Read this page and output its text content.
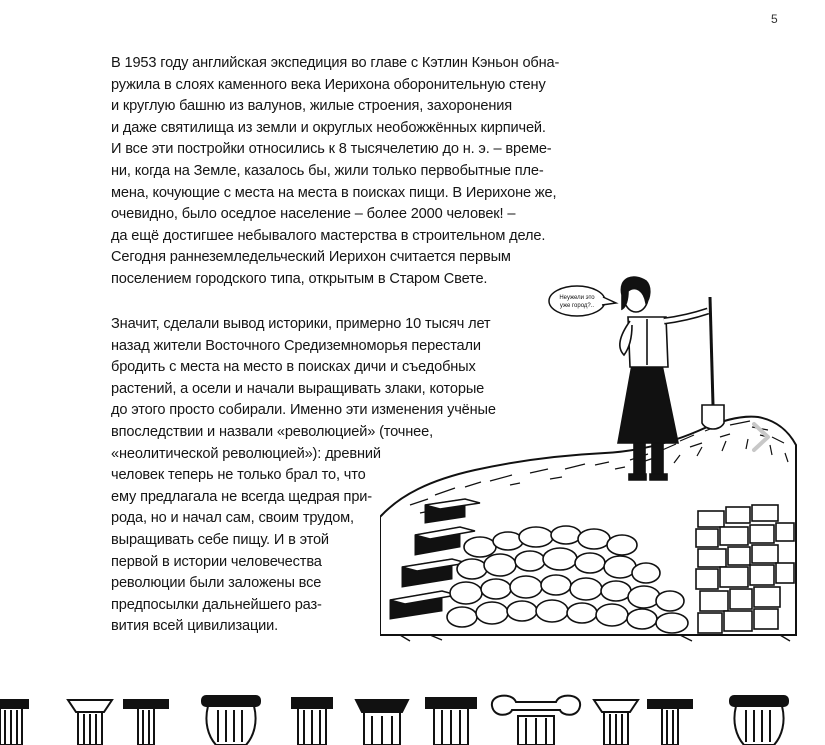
5

В 1953 году английская экспедиция во главе с Кэтлин Кэньон обна-
ружила в слоях каменного века Иерихона оборонительную стену
и круглую башню из валунов, жилые строения, захоронения
и даже святилища из земли и округлых необожжённых кирпичей.
И все эти постройки относились к 8 тысячелетию до н. э. – време-
ни, когда на Земле, казалось бы, жили только первобытные пле-
мена, кочующие с места на места в поисках пищи. В Иерихоне же,
очевидно, было оседлое население – более 2000 человек! –
да ещё достигшее небывалого мастерства в строительном деле.
Сегодня раннеземледельческий Иерихон считается первым
поселением городского типа, открытым в Старом Свете.

Значит, сделали вывод историки, примерно 10 тысяч лет
назад жители Восточного Средиземноморья перестали
бродить с места на место в поисках дичи и съедобных
растений, а осели и начали выращивать злаки, которые
до этого просто собирали. Именно эти изменения учёные
впоследствии и назвали «революцией» (точнее,
«неолитической революцией»): древний
человек теперь не только брал то, что
ему предлагала не всегда щедрая при-
рода, но и начал сам, своим трудом,
выращивать себе пищу. И в этой
первой в истории человечества
революции были заложены все
предпосылки дальнейшего раз-
вития всей цивилизации.

Неужели это
уже город?..
